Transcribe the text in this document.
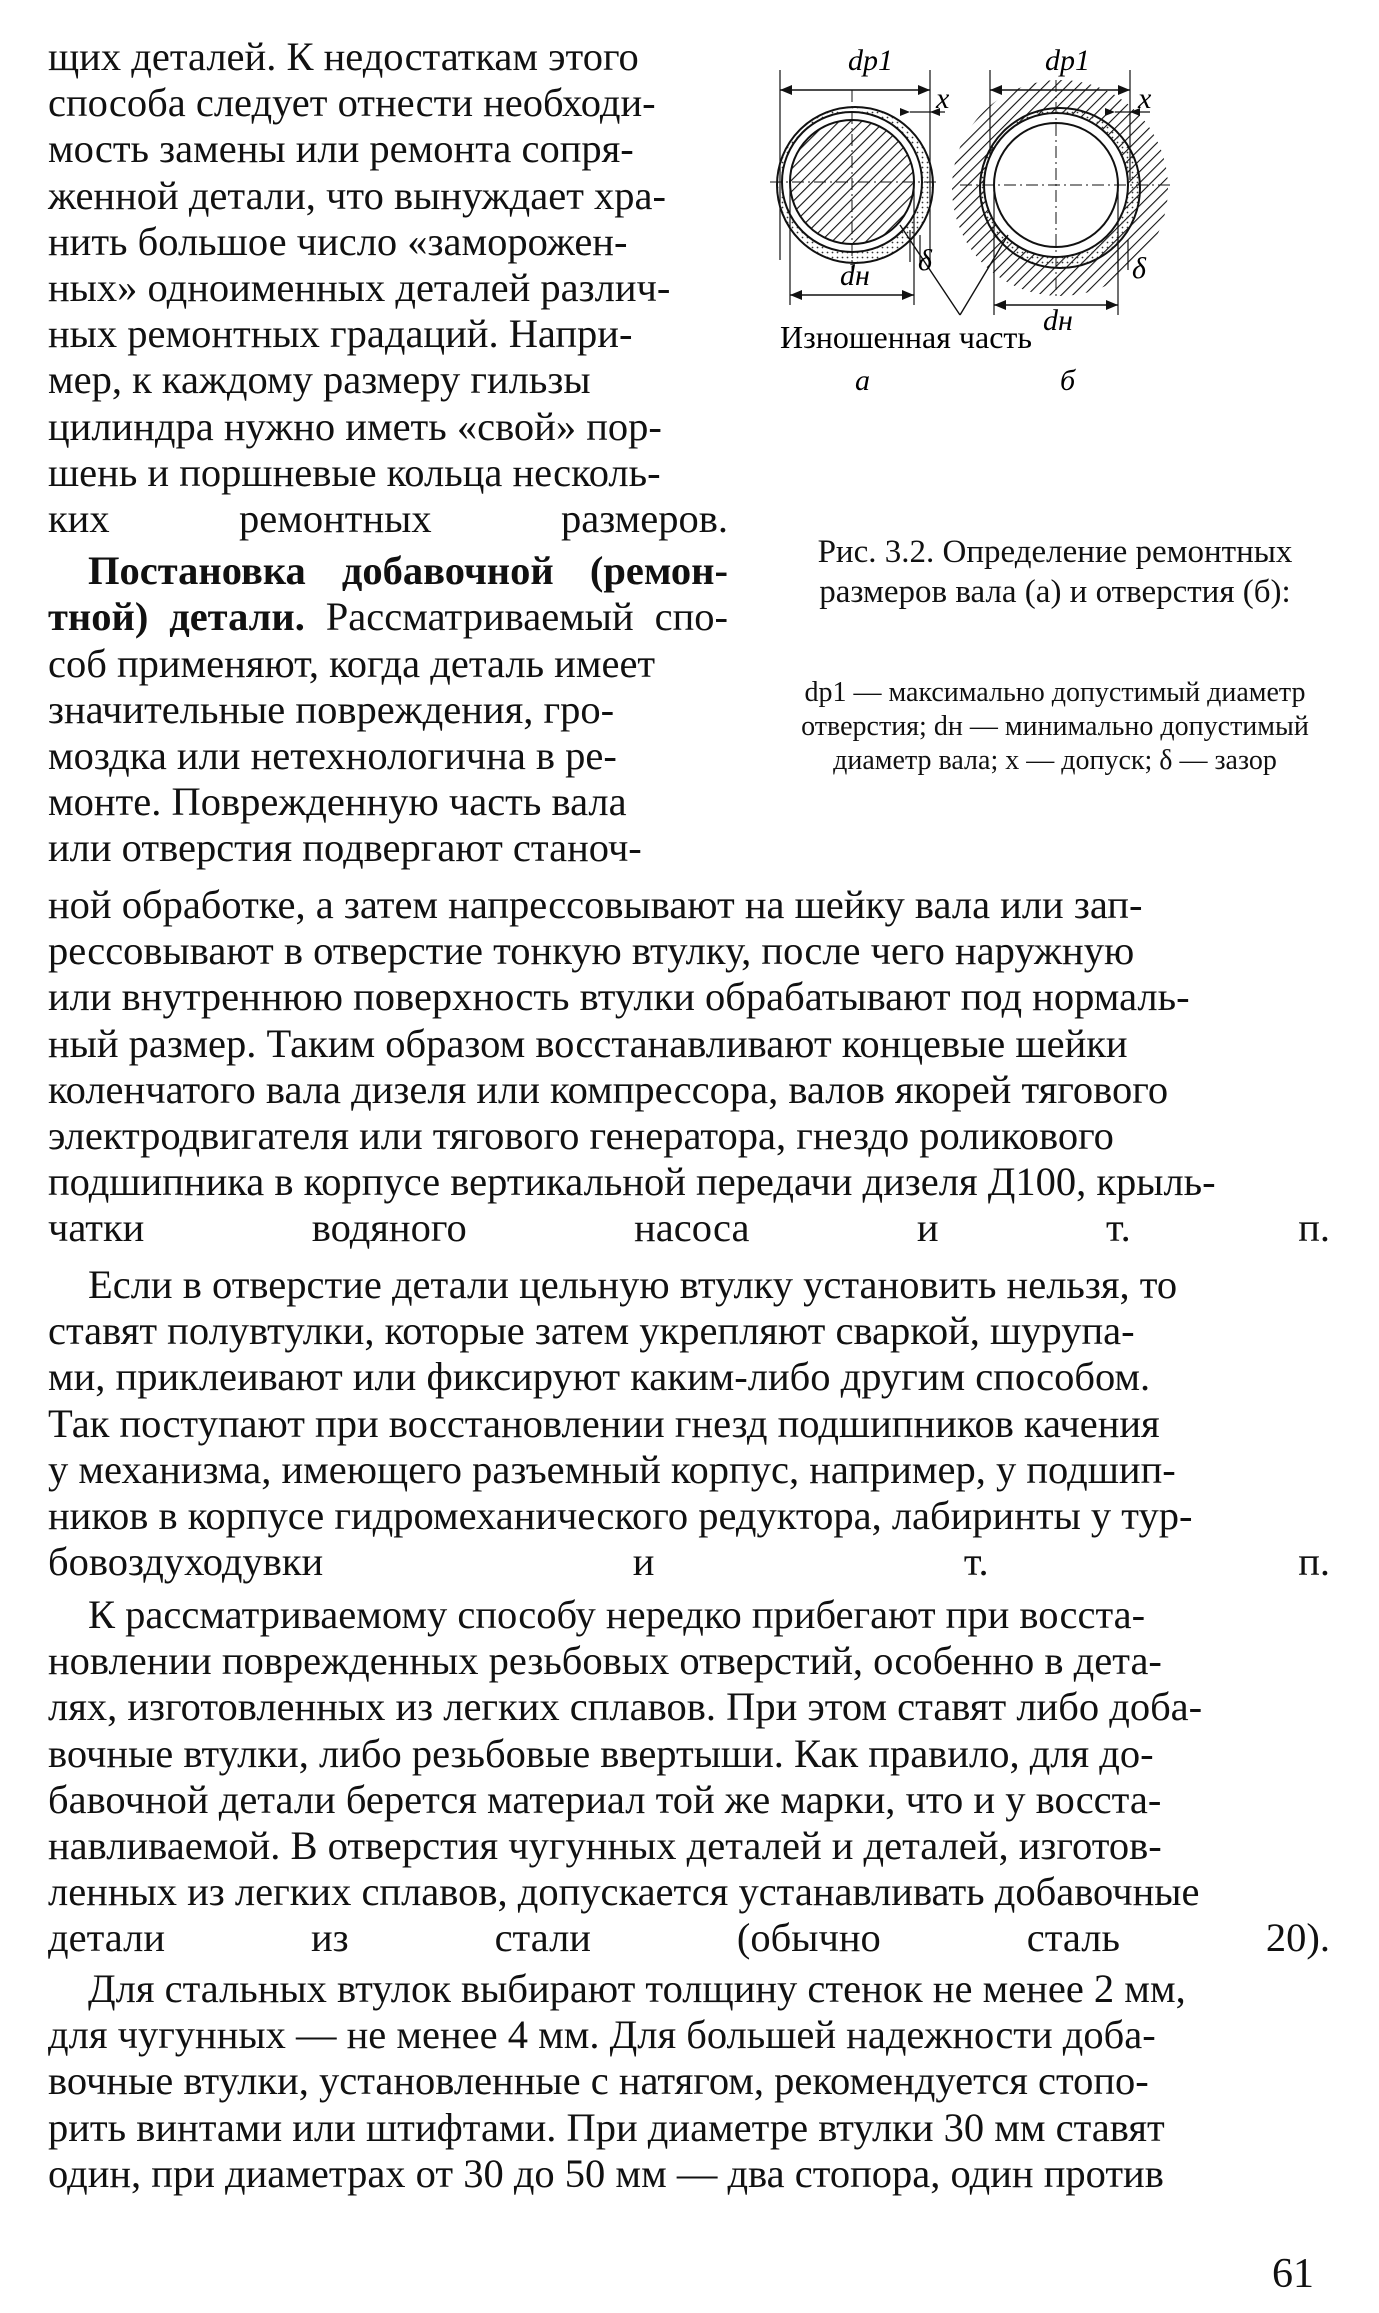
щих деталей. К недостаткам этого
способа следует отнести необходи-
мость замены или ремонта сопря-
женной детали, что вынуждает хра-
нить большое число «заморожен-
ных» одноименных деталей различ-
ных ремонтных градаций. Напри-
мер, к каждому размеру гильзы
цилиндра нужно иметь «свой» пор-
шень и поршневые кольца несколь-
ких ремонтных размеров.
Постановка добавочной (ремон-
тной) детали. Рассматриваемый спо-
соб применяют, когда деталь имеет
значительные повреждения, гро-
моздка или нетехнологична в ре-
монте. Поврежденную часть вала
или отверстия подвергают станоч-
ной обработке, а затем напрессовывают на шейку вала или зап-
рессовывают в отверстие тонкую втулку, после чего наружную
или внутреннюю поверхность втулки обрабатывают под нормаль-
ный размер. Таким образом восстанавливают концевые шейки
коленчатого вала дизеля или компрессора, валов якорей тягового
электродвигателя или тягового генератора, гнездо роликового
подшипника в корпусе вертикальной передачи дизеля Д100, крыль-
чатки водяного насоса и т. п.
Если в отверстие детали цельную втулку установить нельзя, то
ставят полувтулки, которые затем укрепляют сваркой, шурупа-
ми, приклеивают или фиксируют каким-либо другим способом.
Так поступают при восстановлении гнезд подшипников качения
у механизма, имеющего разъемный корпус, например, у подшип-
ников в корпусе гидромеханического редуктора, лабиринты у тур-
бовоздуходувки и т. п.
К рассматриваемому способу нередко прибегают при восста-
новлении поврежденных резьбовых отверстий, особенно в дета-
лях, изготовленных из легких сплавов. При этом ставят либо доба-
вочные втулки, либо резьбовые ввертыши. Как правило, для до-
бавочной детали берется материал той же марки, что и у восста-
навливаемой. В отверстия чугунных деталей и деталей, изготов-
ленных из легких сплавов, допускается устанавливать добавочные
детали из стали (обычно сталь 20).
Для стальных втулок выбирают толщину стенок не менее 2 мм,
для чугунных — не менее 4 мм. Для большей надежности доба-
вочные втулки, установленные с натягом, рекомендуется стопо-
рить винтами или штифтами. При диаметре втулки 30 мм ставят
один, при диаметрах от 30 до 50 мм — два стопора, один против
dp1
x
δ
dн
dp1
x
δ
dн
Изношенная часть
а	б
Рис. 3.2. Определение ремонтных размеров вала (а) и отверстия (б):
dp1 — максимально допустимый диаметр отверстия; dн — минимально допустимый диаметр вала; x — допуск; δ — зазор
61
